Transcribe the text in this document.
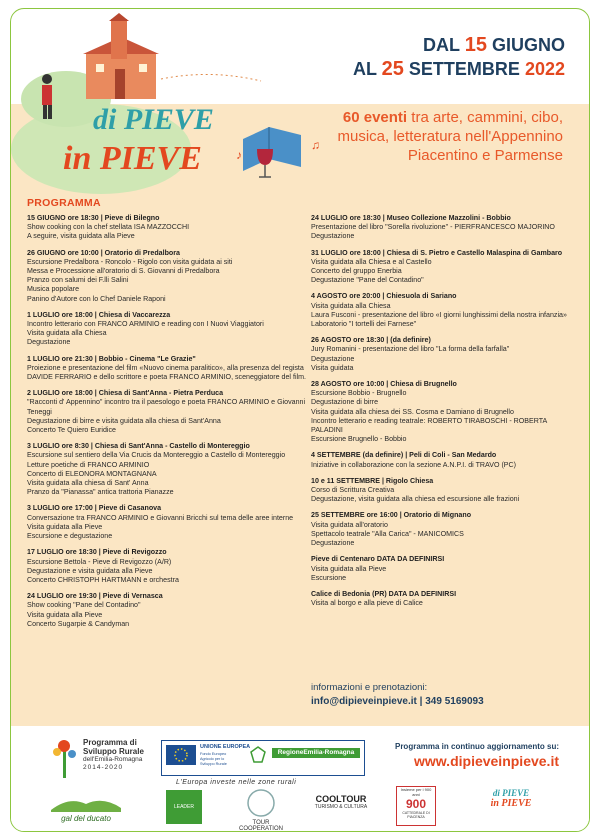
♪
♫
di PIEVE
in PIEVE
DAL 15 GIUGNO
AL 25 SETTEMBRE 2022
60 eventi tra arte, cammini, cibo, musica, letteratura nell'Appennino Piacentino e Parmense
PROGRAMMA
15 GIUGNO ore 18:30 | Pieve di Bilegno
Show cooking con la chef stellata ISA MAZZOCCHI
A seguire, visita guidata alla Pieve
26 GIUGNO ore 10:00 | Oratorio di Predalbora
Escursione Predalbora - Roncolo - Rigolo con visita guidata ai siti
Messa e Processione all'oratorio di S. Giovanni di Predalbora
Pranzo con salumi dei F.lli Salini
Musica popolare
Panino d'Autore con lo Chef Daniele Raponi
1 LUGLIO ore 18:00 | Chiesa di Vaccarezza
Incontro letterario con FRANCO ARMINIO e reading con I Nuovi Viaggiatori
Visita guidata alla Chiesa
Degustazione
1 LUGLIO ore 21:30 | Bobbio - Cinema "Le Grazie"
Proiezione e presentazione del film «Nuovo cinema paralitico», alla presenza del regista DAVIDE FERRARIO e dello scrittore e poeta FRANCO ARMINIO, sceneggiatore del film.
2 LUGLIO ore 18:00 | Chiesa di Sant'Anna - Pietra Perduca
"Racconti d' Appennino" incontro tra il paesologo e poeta FRANCO ARMINIO e Giovanni Teneggi
Degustazione di birre e visita guidata alla chiesa di Sant'Anna
Concerto Te Quiero Euridice
3 LUGLIO ore 8:30 | Chiesa di Sant'Anna - Castello di Montereggio
Escursione sul sentiero della Via Crucis da Montereggio a Castello di Montereggio
Letture poetiche di FRANCO ARMINIO
Concerto di ELEONORA MONTAGNANA
Visita guidata alla chiesa di Sant' Anna
Pranzo da "Pianassa" antica trattoria Pianazze
3 LUGLIO ore 17:00 | Pieve di Casanova
Conversazione tra FRANCO ARMINIO e Giovanni Bricchi sul tema delle aree interne
Visita guidata alla Pieve
Escursione e degustazione
17 LUGLIO ore 18:30 | Pieve di Revigozzo
Escursione Bettola - Pieve di Revigozzo (A/R)
Degustazione e visita guidata alla Pieve
Concerto CHRISTOPH HARTMANN e orchestra
24 LUGLIO ore 19:30 | Pieve di Vernasca
Show cooking "Pane del Contadino"
Visita guidata alla Pieve
Concerto Sugarpie & Candyman
24 LUGLIO ore 18:30 | Museo Collezione Mazzolini - Bobbio
Presentazione del libro "Sorella rivoluzione" - PIERFRANCESCO MAJORINO
Degustazione
31 LUGLIO ore 18:00 | Chiesa di S. Pietro e Castello Malaspina di Gambaro
Visita guidata alla Chiesa e al Castello
Concerto del gruppo Enerbia
Degustazione "Pane del Contadino"
4 AGOSTO ore 20:00 | Chiesuola di Sariano
Visita guidata alla Chiesa
Laura Fusconi - presentazione del libro «I giorni lunghissimi della nostra infanzia»
Laboratorio "I tortelli dei Farnese"
26 AGOSTO ore 18:30 | (da definire)
Jury Romanini - presentazione del libro "La forma della farfalla"
Degustazione
Visita guidata
28 AGOSTO ore 10:00 | Chiesa di Brugnello
Escursione Bobbio - Brugnello
Degustazione di birre
Visita guidata alla chiesa dei SS. Cosma e Damiano di Brugnello
Incontro letterario e reading teatrale: ROBERTO TIRABOSCHI - ROBERTA PALADINI
Escursione Brugnello - Bobbio
4 SETTEMBRE (da definire) | Peli di Coli - San Medardo
Iniziative in collaborazione con la sezione A.N.P.I. di TRAVO (PC)
10 e 11 SETTEMBRE | Rigolo Chiesa
Corso di Scrittura Creativa
Degustazione, visita guidata alla chiesa ed escursione alle frazioni
25 SETTEMBRE ore 16:00 | Oratorio di Mignano
Visita guidata all'oratorio
Spettacolo teatrale "Alla Carica" - MANICOMICS
Degustazione
Pieve di Centenaro DATA DA DEFINIRSI
Visita guidata alla Pieve
Escursione
Calice di Bedonia (PR) DATA DA DEFINIRSI
Visita al borgo e alla pieve di Calice
informazioni e prenotazioni:
info@dipieveinpieve.it | 349 5169093
Programma di
Sviluppo Rurale
dell'Emilia-Romagna
2014-2020
UNIONE EUROPEA
Fondo Europeo Agricolo per lo Sviluppo Rurale
RegioneEmilia-Romagna
L'Europa investe nelle zone rurali
Programma in continuo aggiornamento su:
www.dipieveinpieve.it
gal del ducato
LEADER
TOUR COOPERATION
COOLTOUR
TURISMO & CULTURA
Insieme per i 900 anni
900
CATTEDRALE DI PIACENZA
di PIEVE
in PIEVE
